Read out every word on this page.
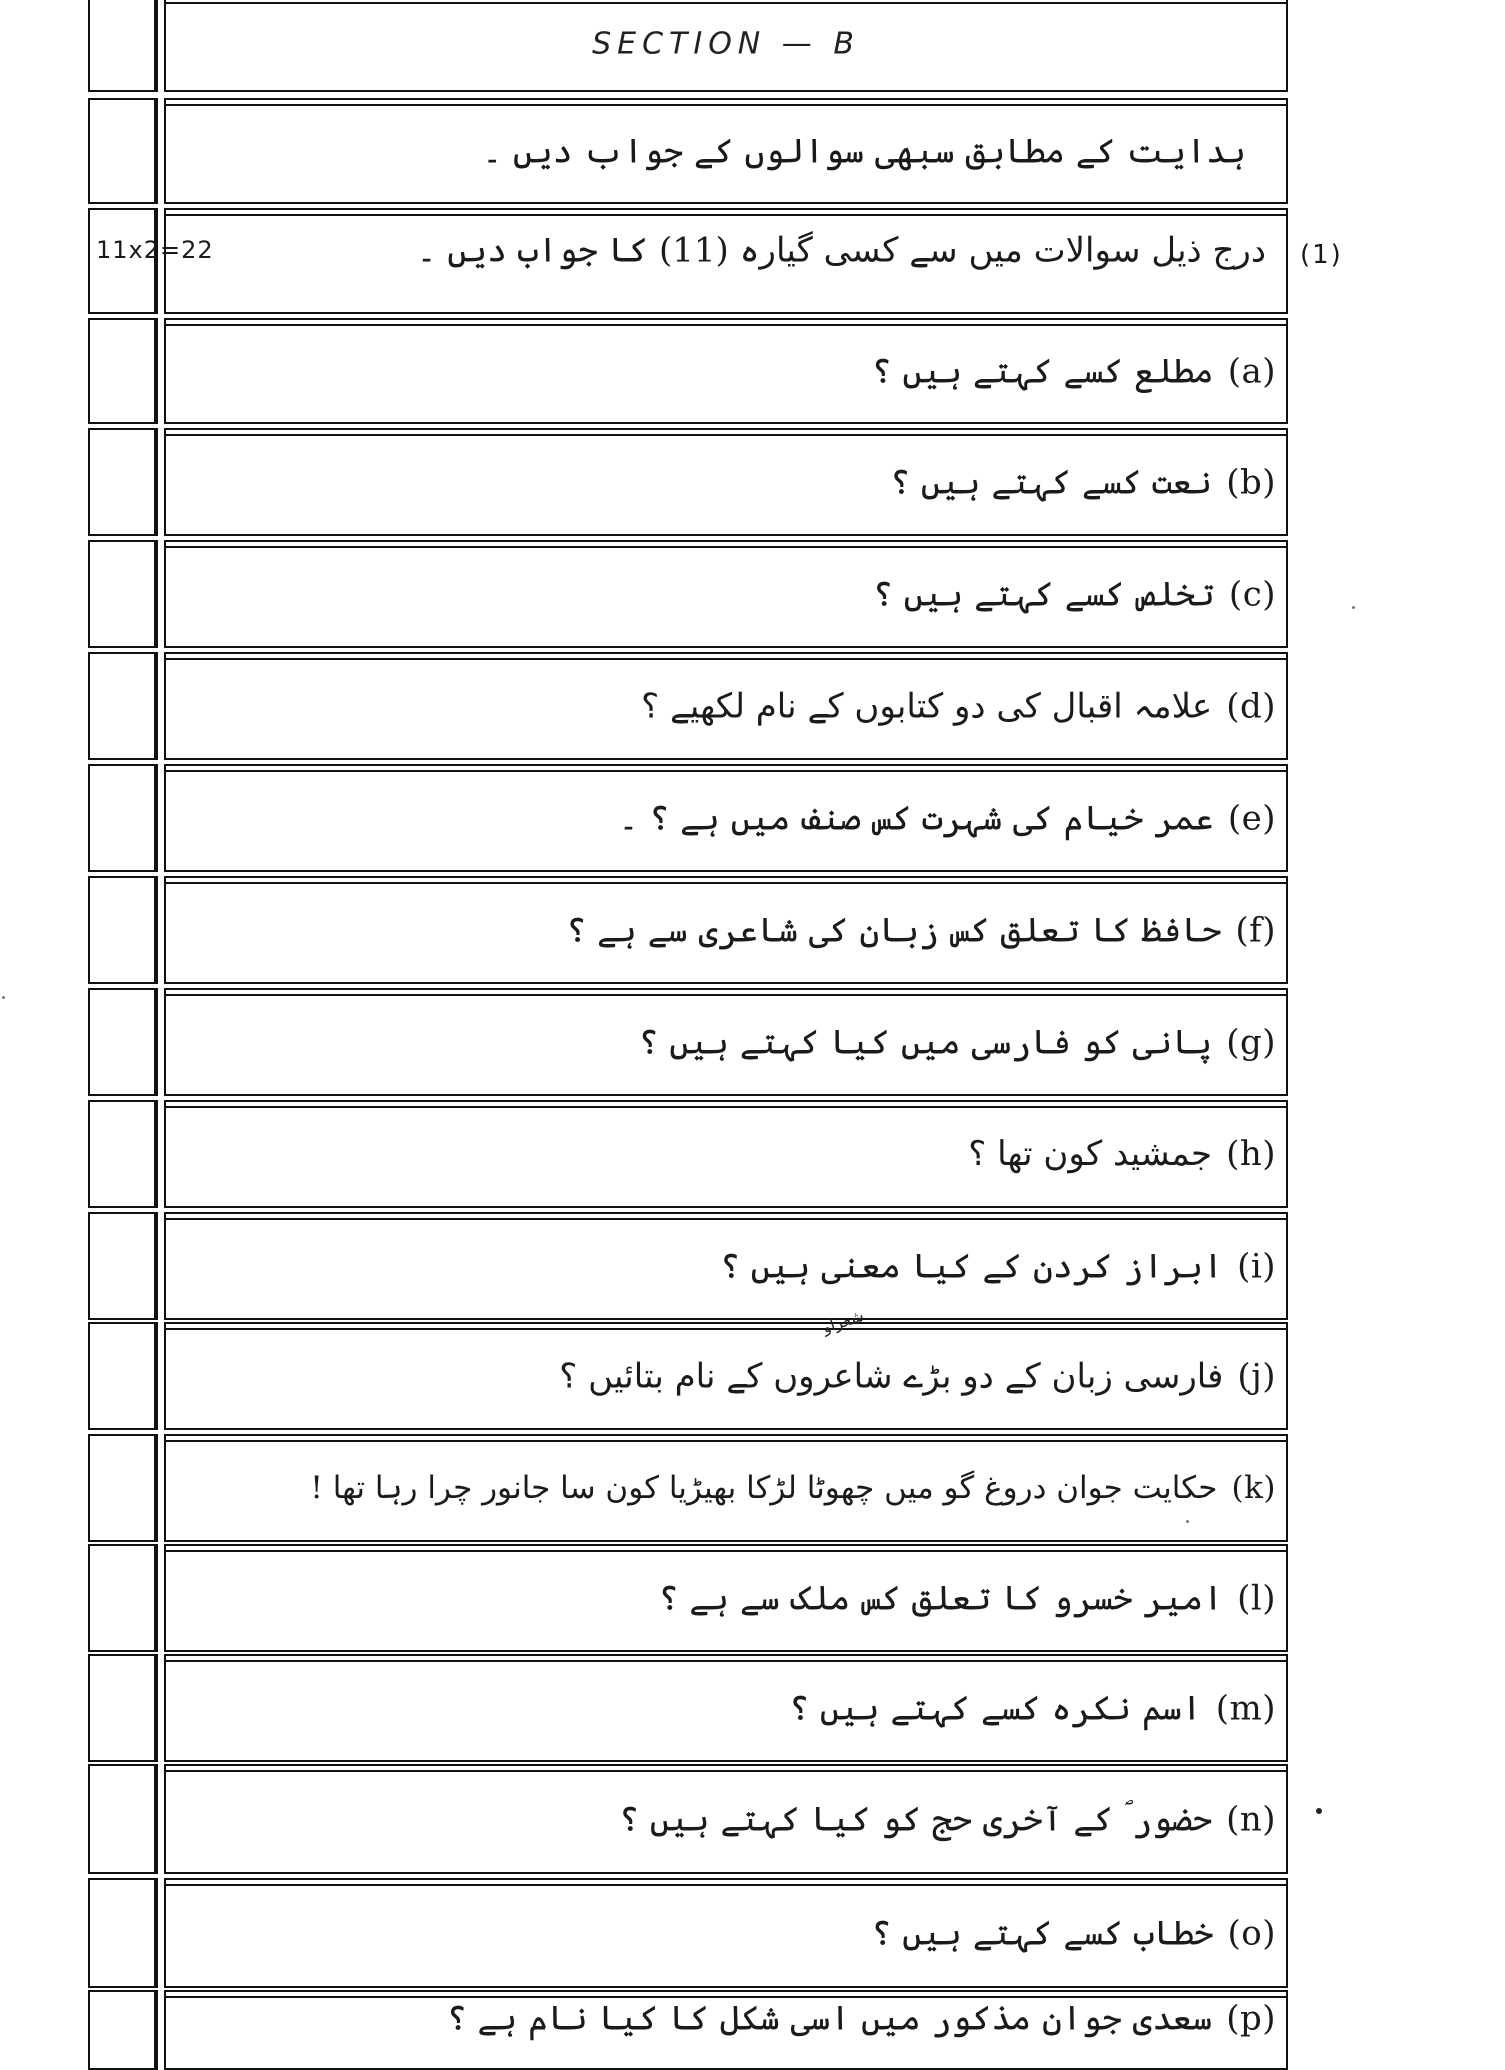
SECTION — B
ہدایت کے مطابق سبھی سوالوں کے جواب دیں ۔
11x2=22	درج ذیل سوالات میں سے کسی گیارہ (11) کا جواب دیں ۔ (1)
(a)مطلع کسے کہتے ہیں ؟
(b)نعت کسے کہتے ہیں ؟
(c)تخلص کسے کہتے ہیں ؟
(d)علامہ اقبال کی دو کتابوں کے نام لکھیے ؟
(e)عمر خیام کی شہرت کس صنف میں ہے ؟ ۔
(f)حافظ کا تعلق کس زبان کی شاعری سے ہے ؟
(g)پانی کو فارسی میں کیا کہتے ہیں ؟
(h)جمشید کون تھا ؟
(i)ابراز کردن کے کیا معنی ہیں ؟
(j)فارسی زبان کے دو بڑے شاعروں کے نام بتائیں ؟
شعراو
(k)حکایت جوان دروغ گو میں چھوٹا لڑکا بھیڑیا کون سا جانور چرا رہا تھا !
(l)امیر خسرو کا تعلق کس ملک سے ہے ؟
(m)اسم نکرہ کسے کہتے ہیں ؟
(n)حضور ؐ کے آخری حج کو کیا کہتے ہیں ؟
(o)خطاب کسے کہتے ہیں ؟
(p)سعدی جوان مذکور میں اسی شکل کا کیا نام ہے ؟
